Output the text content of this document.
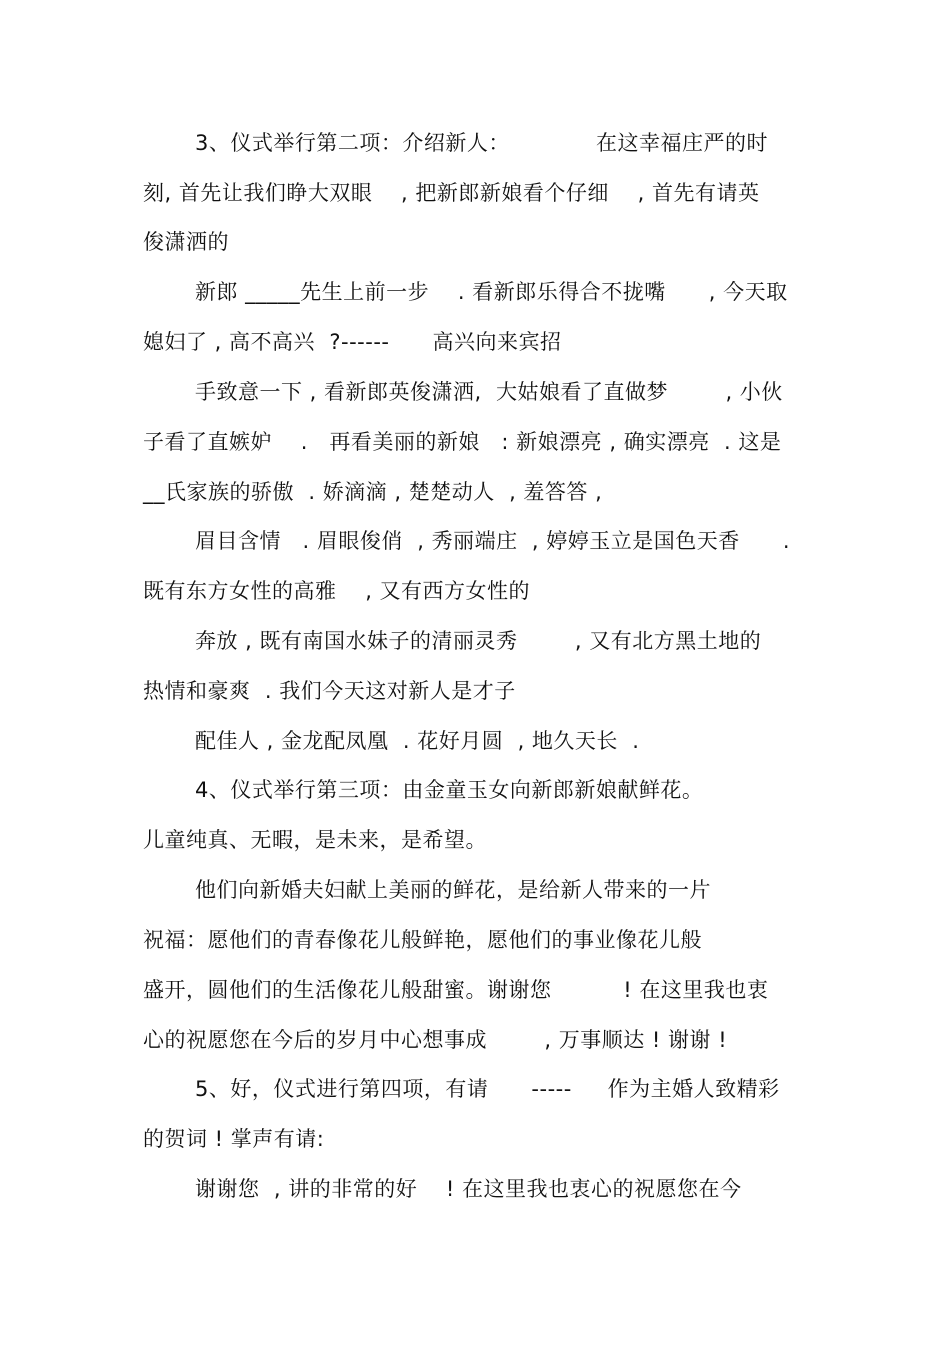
3、仪式举行第二项：介绍新人：            在这幸福庄严的时
刻, 首先让我们睁大双眼    , 把新郎新娘看个仔细    , 首先有请英
俊潇洒的
新郎 _____先生上前一步    . 看新郎乐得合不拢嘴      , 今天取
媳妇了 , 高不高兴  ?------      高兴向来宾招
手致意一下 , 看新郎英俊潇洒,  大姑娘看了直做梦        , 小伙
子看了直嫉妒    .   再看美丽的新娘   : 新娘漂亮 , 确实漂亮  . 这是
__氏家族的骄傲  . 娇滴滴 , 楚楚动人  , 羞答答 ,
眉目含情   . 眉眼俊俏  , 秀丽端庄  , 婷婷玉立是国色天香      .
既有东方女性的高雅    , 又有西方女性的
奔放 , 既有南国水妹子的清丽灵秀        , 又有北方黑土地的
热情和豪爽  . 我们今天这对新人是才子
配佳人 , 金龙配凤凰  . 花好月圆  , 地久天长  .
4、仪式举行第三项：由金童玉女向新郎新娘献鲜花。
儿童纯真、无暇，是未来，是希望。
他们向新婚夫妇献上美丽的鲜花，是给新人带来的一片
祝福：愿他们的青春像花儿般鲜艳，愿他们的事业像花儿般
盛开，圆他们的生活像花儿般甜蜜。谢谢您          ! 在这里我也衷
心的祝愿您在今后的岁月中心想事成        , 万事顺达 ! 谢谢 !
5、好，仪式进行第四项，有请      -----     作为主婚人致精彩
的贺词 ! 掌声有请:
谢谢您  , 讲的非常的好    ! 在这里我也衷心的祝愿您在今
